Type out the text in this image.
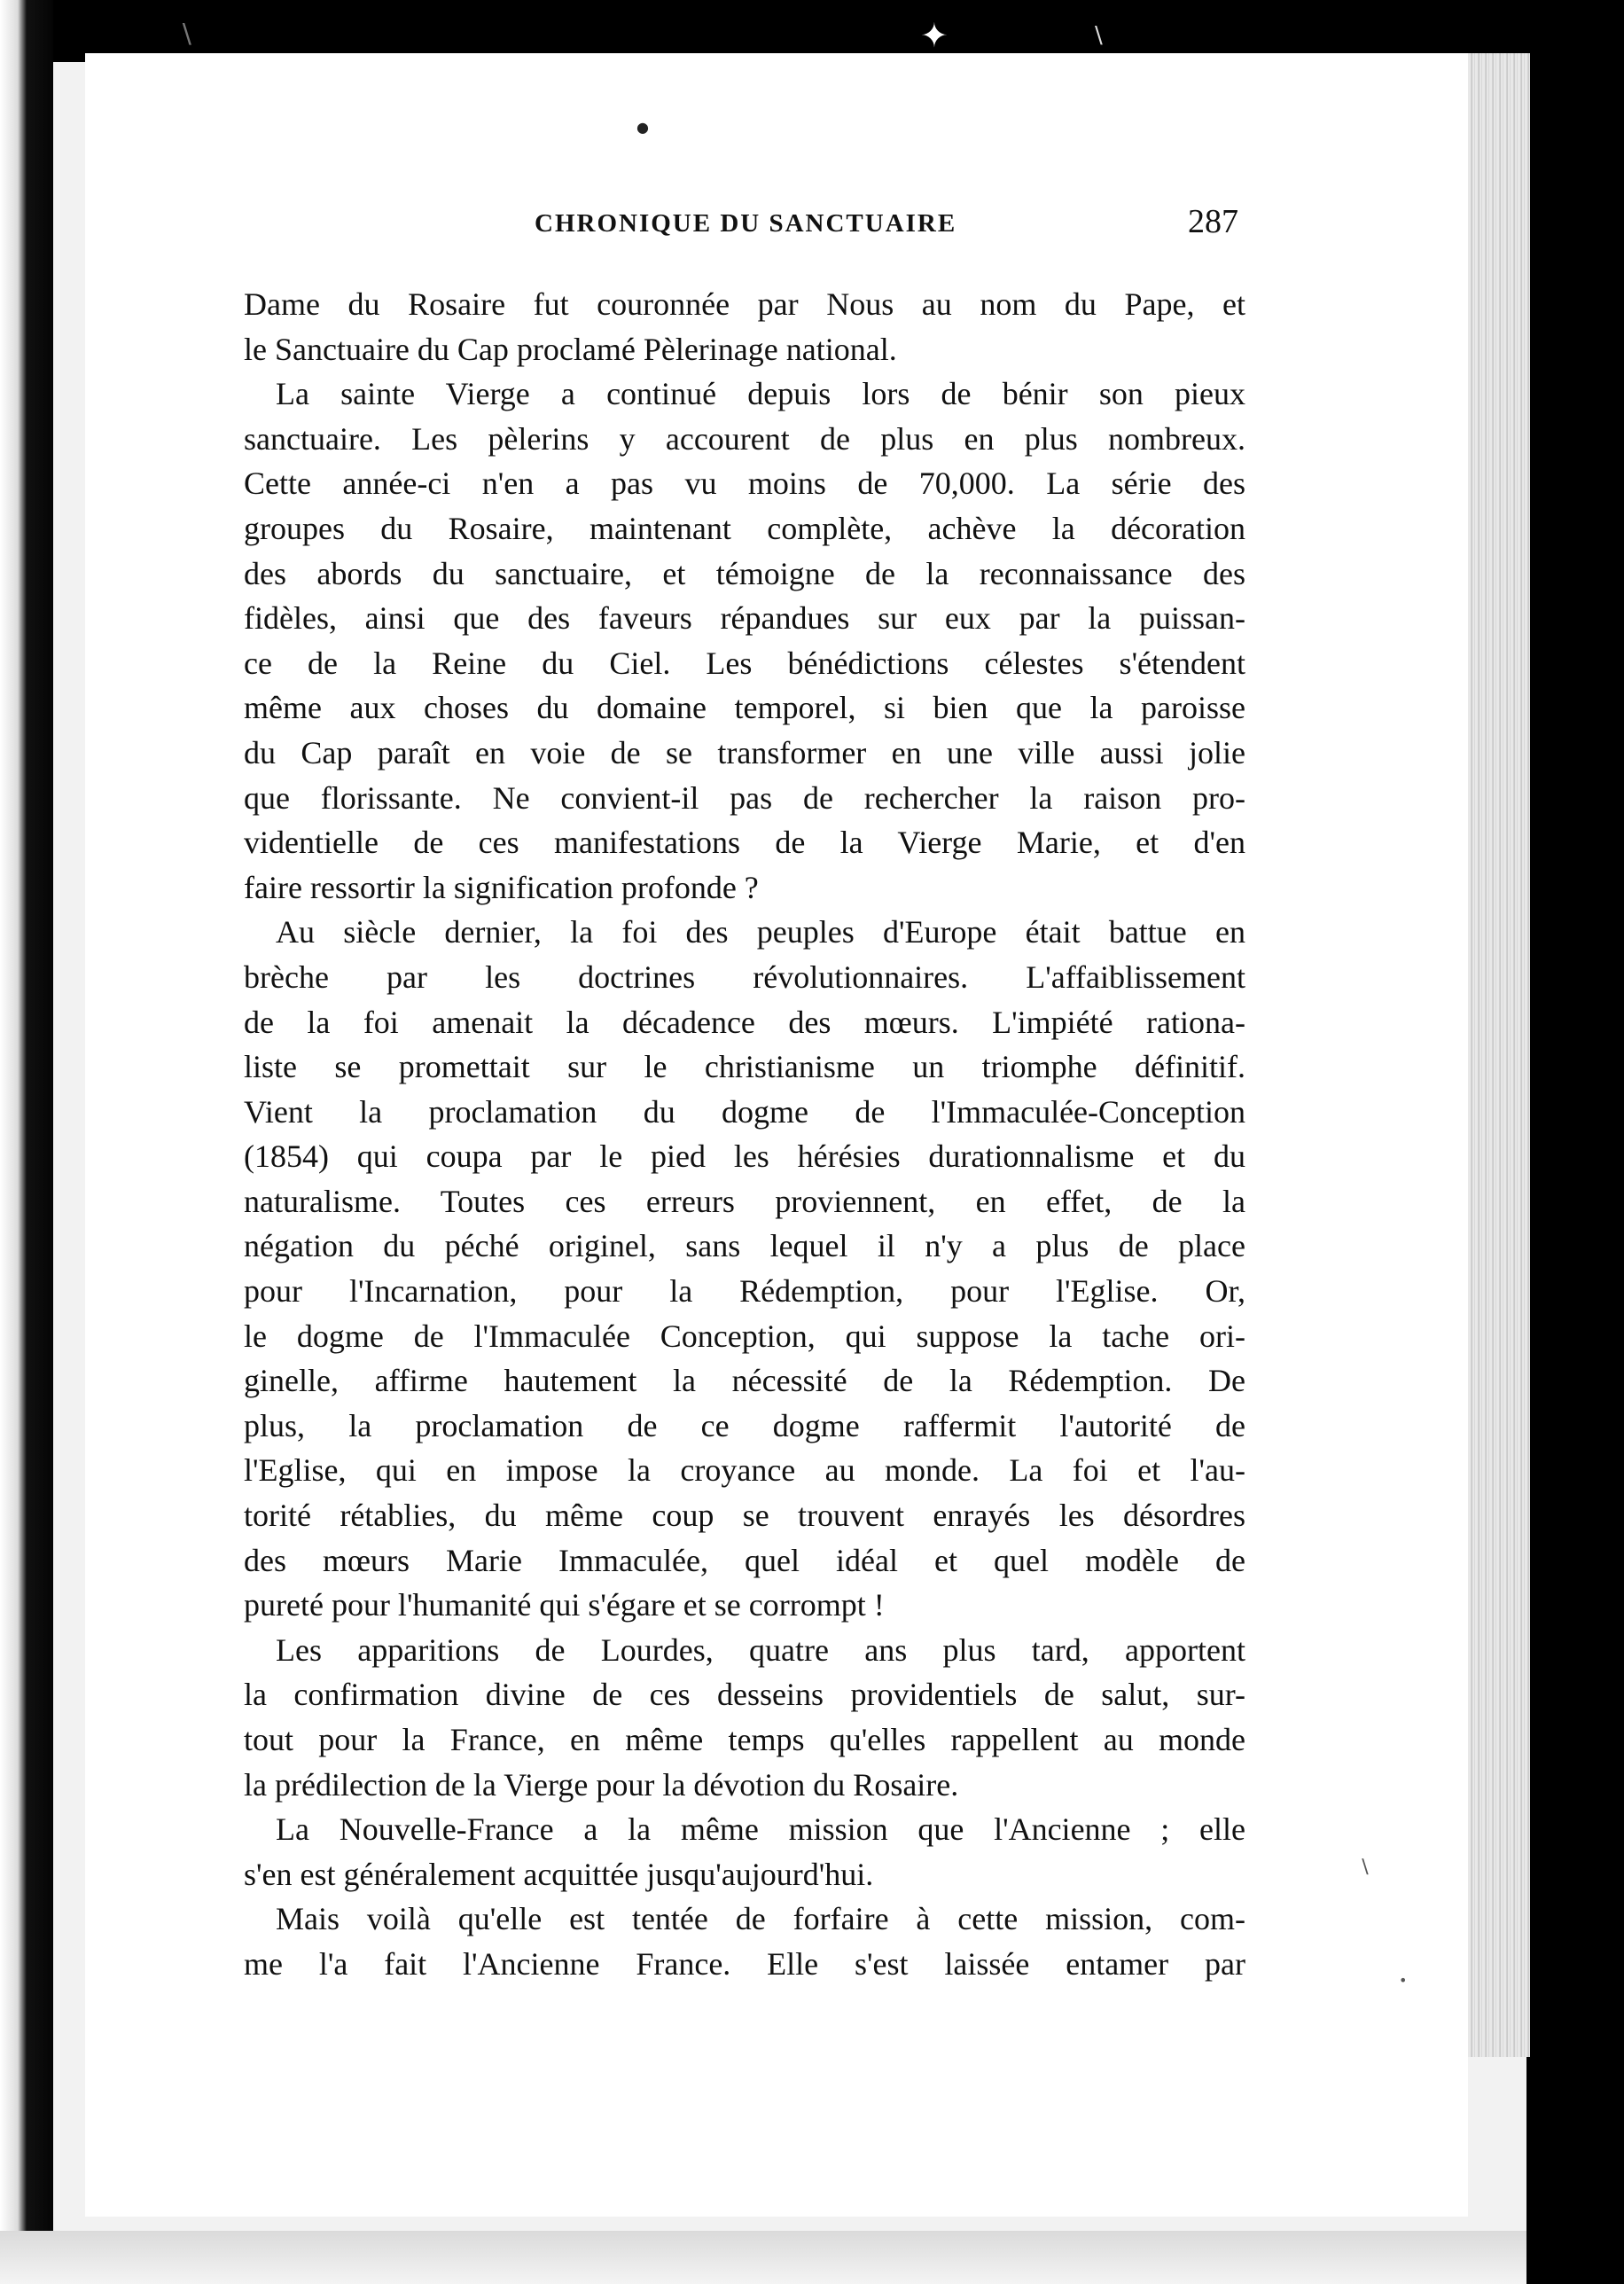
∖	✦	∖
●
∖
•
CHRONIQUE DU SANCTUAIRE	287
Dame du Rosaire fut couronnée par Nous au nom du Pape, et
le Sanctuaire du Cap proclamé Pèlerinage national.
La sainte Vierge a continué depuis lors de bénir son pieux
sanctuaire. Les pèlerins y accourent de plus en plus nombreux.
Cette année-ci n'en a pas vu moins de 70,000. La série des
groupes du Rosaire, maintenant complète, achève la décoration
des abords du sanctuaire, et témoigne de la reconnaissance des
fidèles, ainsi que des faveurs répandues sur eux par la puissan-
ce de la Reine du Ciel. Les bénédictions célestes s'étendent
même aux choses du domaine temporel, si bien que la paroisse
du Cap paraît en voie de se transformer en une ville aussi jolie
que florissante. Ne convient-il pas de rechercher la raison pro-
videntielle de ces manifestations de la Vierge Marie, et d'en
faire ressortir la signification profonde ?
Au siècle dernier, la foi des peuples d'Europe était battue en
brèche par les doctrines révolutionnaires. L'affaiblissement
de la foi amenait la décadence des mœurs. L'impiété rationa-
liste se promettait sur le christianisme un triomphe définitif.
Vient la proclamation du dogme de l'Immaculée-Conception
(1854) qui coupa par le pied les hérésies durationnalisme et du
naturalisme. Toutes ces erreurs proviennent, en effet, de la
négation du péché originel, sans lequel il n'y a plus de place
pour l'Incarnation, pour la Rédemption, pour l'Eglise. Or,
le dogme de l'Immaculée Conception, qui suppose la tache ori-
ginelle, affirme hautement la nécessité de la Rédemption. De
plus, la proclamation de ce dogme raffermit l'autorité de
l'Eglise, qui en impose la croyance au monde. La foi et l'au-
torité rétablies, du même coup se trouvent enrayés les désordres
des mœurs Marie Immaculée, quel idéal et quel modèle de
pureté pour l'humanité qui s'égare et se corrompt !
Les apparitions de Lourdes, quatre ans plus tard, apportent
la confirmation divine de ces desseins providentiels de salut, sur-
tout pour la France, en même temps qu'elles rappellent au monde
la prédilection de la Vierge pour la dévotion du Rosaire.
La Nouvelle-France a la même mission que l'Ancienne ; elle
s'en est généralement acquittée jusqu'aujourd'hui.
Mais voilà qu'elle est tentée de forfaire à cette mission, com-
me l'a fait l'Ancienne France. Elle s'est laissée entamer par
